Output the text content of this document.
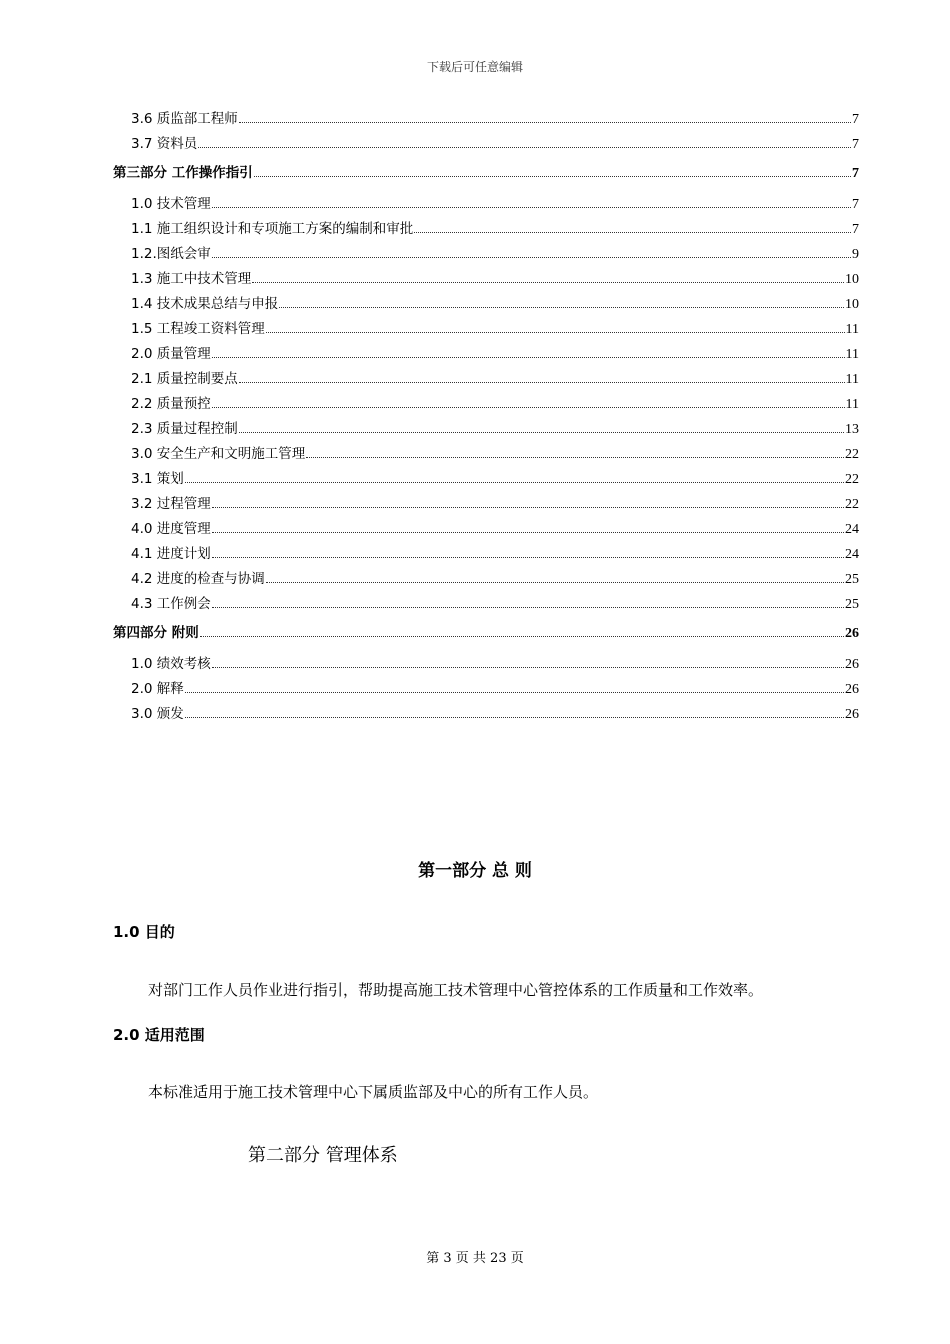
下载后可任意编辑
3.6 质监部工程师	7
3.7 资料员	7
第三部分 工作操作指引	7
1.0 技术管理	7
1.1 施工组织设计和专项施工方案的编制和审批	7
1.2.图纸会审	9
1.3 施工中技术管理	10
1.4 技术成果总结与申报	10
1.5 工程竣工资料管理	11
2.0 质量管理	11
2.1 质量控制要点	11
2.2 质量预控	11
2.3 质量过程控制	13
3.0 安全生产和文明施工管理	22
3.1 策划	22
3.2 过程管理	22
4.0 进度管理	24
4.1 进度计划	24
4.2 进度的检查与协调	25
4.3 工作例会	25
第四部分 附则	26
1.0 绩效考核	26
2.0 解释	26
3.0 颁发	26
第一部分 总 则
1.0 目的
对部门工作人员作业进行指引，帮助提高施工技术管理中心管控体系的工作质量和工作效率。
2.0 适用范围
本标准适用于施工技术管理中心下属质监部及中心的所有工作人员。
第二部分 管理体系
第 3 页 共 23 页
